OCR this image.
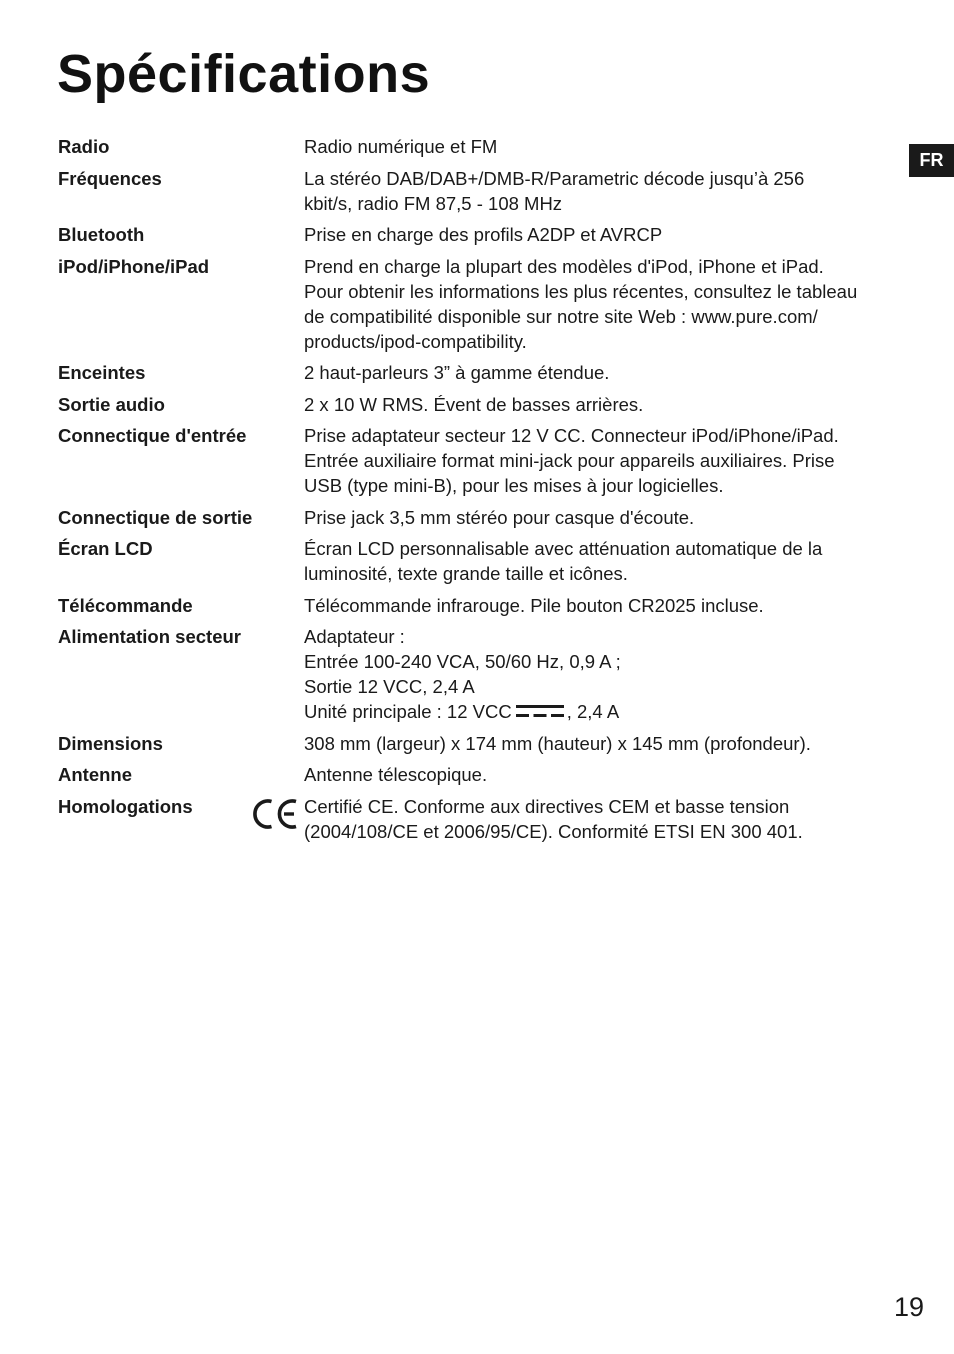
Spécifications
FR
Radio	Radio numérique et FM
Fréquences	La stéréo DAB/DAB+/DMB-R/Parametric décode jusqu’à 256
kbit/s, radio FM 87,5 - 108 MHz
Bluetooth	Prise en charge des profils A2DP et AVRCP
iPod/iPhone/iPad	Prend en charge la plupart des modèles d'iPod, iPhone et iPad.
Pour obtenir les informations les plus récentes, consultez le tableau
de compatibilité disponible sur notre site Web : www.pure.com/
products/ipod-compatibility.
Enceintes	2 haut-parleurs 3” à gamme étendue.
Sortie audio	2 x 10 W RMS. Évent de basses arrières.
Connectique d'entrée	Prise adaptateur secteur 12 V CC. Connecteur iPod/iPhone/iPad.
Entrée auxiliaire format mini-jack pour appareils auxiliaires. Prise
USB (type mini-B), pour les mises à jour logicielles.
Connectique de sortie	Prise jack 3,5 mm stéréo pour casque d'écoute.
Écran LCD	Écran LCD personnalisable avec atténuation automatique de la
luminosité, texte grande taille et icônes.
Télécommande	Télécommande infrarouge. Pile bouton CR2025 incluse.
Alimentation secteur	Adaptateur :
Entrée 100-240 VCA, 50/60 Hz, 0,9 A ;
Sortie 12 VCC, 2,4 A
Unité principale : 12 VCC	, 2,4 A
Dimensions	308 mm (largeur) x 174 mm (hauteur) x 145 mm (profondeur).
Antenne	Antenne télescopique.
Homologations	Certifié CE. Conforme aux directives CEM et basse tension
(2004/108/CE et 2006/95/CE). Conformité ETSI EN 300 401.
19
